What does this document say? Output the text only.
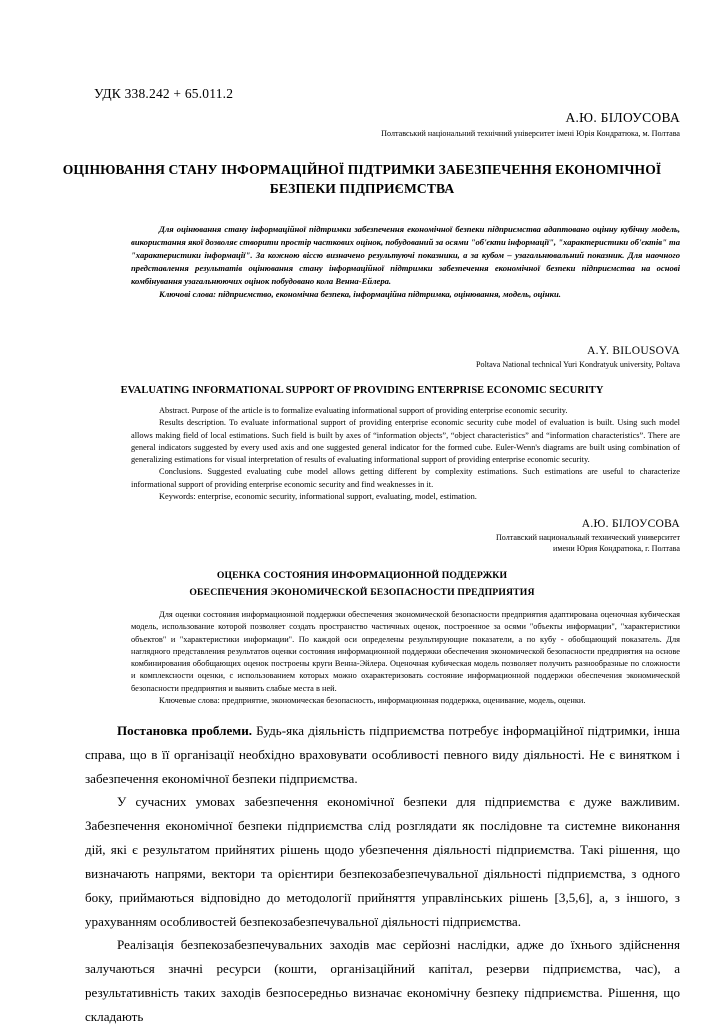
УДК 338.242 + 65.011.2
А.Ю. БІЛОУСОВА
Полтавський національний технічний університет імені Юрія Кондратюка, м. Полтава
ОЦІНЮВАННЯ СТАНУ ІНФОРМАЦІЙНОЇ ПІДТРИМКИ ЗАБЕЗПЕЧЕННЯ ЕКОНОМІЧНОЇ БЕЗПЕКИ ПІДПРИЄМСТВА

Для оцінювання стану інформаційної підтримки забезпечення економічної безпеки підприємства адаптовано оцінну кубічну модель, використання якої дозволяє створити простір часткових оцінок, побудований за осями "об'єкти інформації", "характеристики об'єктів" та "характеристики інформації". За кожною віссю визначено результуючі показники, а за кубом – узагальнювальний показник. Для наочного представлення результатів оцінювання стану інформаційної підтримки забезпечення економічної безпеки підприємства на основі комбінування узагальнюючих оцінок побудовано кола Венна-Ейлера.

Ключові слова: підприємство, економічна безпека, інформаційна підтримка, оцінювання, модель, оцінки.

A.Y. BILOUSOVA
Poltava National technical Yuri Kondratyuk university, Poltava
EVALUATING INFORMATIONAL SUPPORT OF PROVIDING ENTERPRISE ECONOMIC SECURITY

Abstract. Purpose of the article is to formalize evaluating informational support of providing enterprise economic security.

Results description. To evaluate informational support of providing enterprise economic security cube model of evaluation is built. Using such model allows making field of local estimations. Such field is built by axes of “information objects”, “object characteristics” and “information characteristics”. There are general indicators suggested by every used axis and one suggested general indicator for the formed cube. Euler-Wenn's diagrams are built using combination of generalizing estimations for visual interpretation of results of evaluating informational support of providing enterprise economic security.

Conclusions. Suggested evaluating cube model allows getting different by complexity estimations. Such estimations are useful to characterize informational support of providing enterprise economic security and find weaknesses in it.

Keywords: enterprise, economic security, informational support, evaluating, model, estimation.

А.Ю. БІЛОУСОВА
Полтавский национальный технический университет
имени Юрия Кондратюка, г. Полтава
ОЦЕНКА СОСТОЯНИЯ ИНФОРМАЦИОННОЙ ПОДДЕРЖКИ
ОБЕСПЕЧЕНИЯ ЭКОНОМИЧЕСКОЙ БЕЗОПАСНОСТИ ПРЕДПРИЯТИЯ

Для оценки состояния информационной поддержки обеспечения экономической безопасности предприятия адаптирована оценочная кубическая модель, использование которой позволяет создать пространство частичных оценок, построенное за осями "объекты информации", "характеристики объектов" и "характеристики информации". По каждой оси определены результирующие показатели, а по кубу - обобщающий показатель. Для наглядного представления результатов оценки состояния информационной поддержки обеспечения экономической безопасности предприятия на основе комбинирования обобщающих оценок построены круги Венна-Эйлера. Оценочная кубическая модель позволяет получить разнообразные по сложности и комплексности оценки, с использованием которых можно охарактеризовать состояние информационной поддержки обеспечения экономической безопасности предприятия и выявить слабые места в ней.

Ключевые слова: предприятие, экономическая безопасность, информационная поддержка, оценивание, модель, оценки.

Постановка проблеми. Будь-яка діяльність підприємства потребує інформаційної підтримки, інша справа, що в її організації необхідно враховувати особливості певного виду діяльності. Не є винятком і забезпечення економічної безпеки підприємства.

У сучасних умовах забезпечення економічної безпеки для підприємства є дуже важливим. Забезпечення економічної безпеки підприємства слід розглядати як послідовне та системне виконання дій, які є результатом прийнятих рішень щодо убезпечення діяльності підприємства. Такі рішення, що визначають напрями, вектори та орієнтири безпекозабезпечувальної діяльності підприємства, з одного боку, приймаються відповідно до методології прийняття управлінських рішень [3,5,6], а, з іншого, з урахуванням особливостей безпекозабезпечувальної діяльності підприємства.

Реалізація безпекозабезпечувальних заходів має серйозні наслідки, адже до їхнього здійснення залучаються значні ресурси (кошти, організаційний капітал, резерви підприємства, час), а результативність таких заходів безпосередньо визначає економічну безпеку підприємства. Рішення, що складають
